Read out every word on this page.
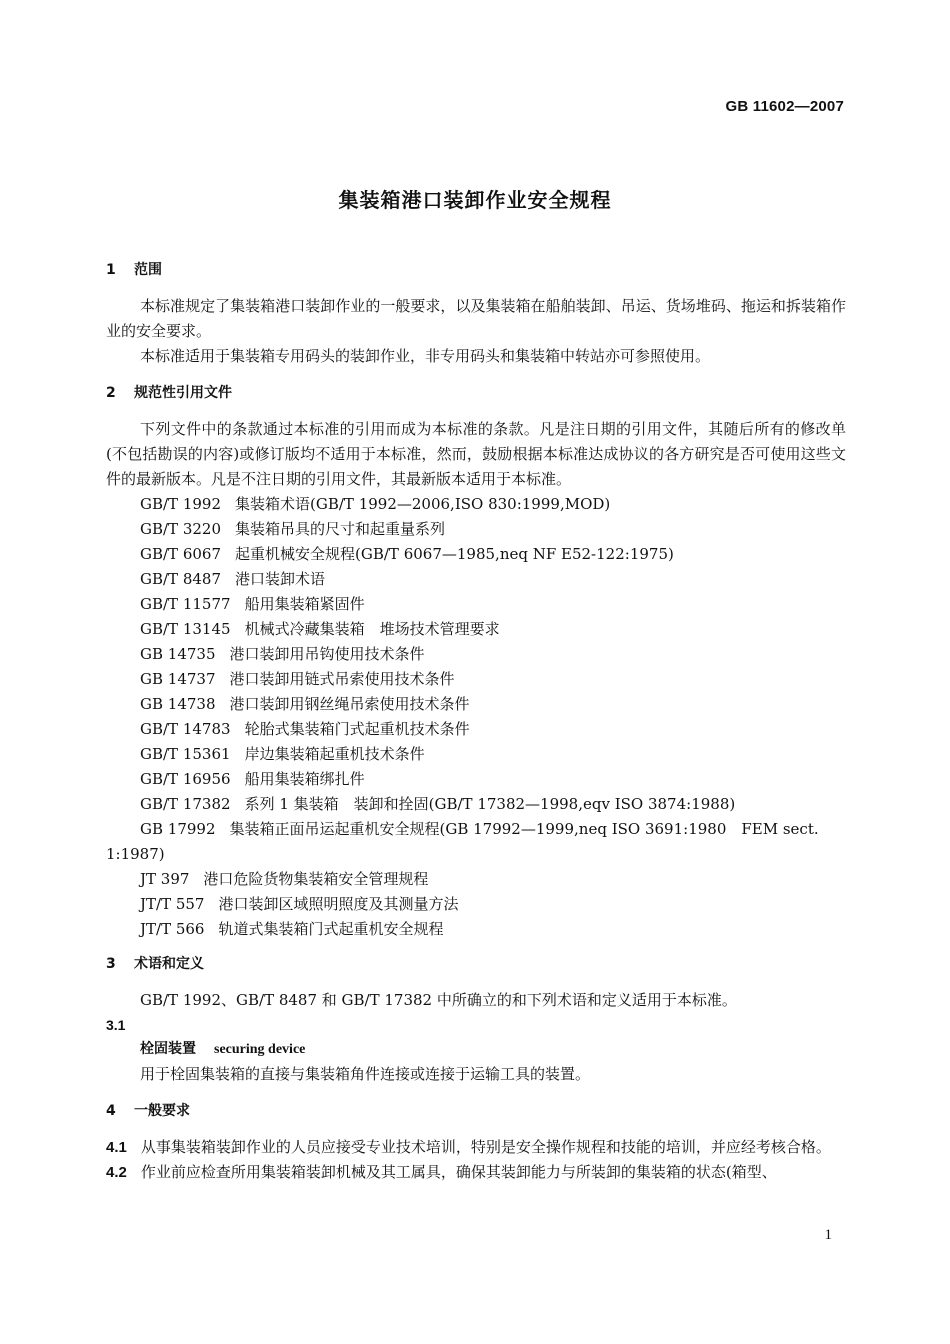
GB 11602—2007
集装箱港口装卸作业安全规程
1 范围
本标准规定了集装箱港口装卸作业的一般要求，以及集装箱在船舶装卸、吊运、货场堆码、拖运和拆装箱作业的安全要求。
本标准适用于集装箱专用码头的装卸作业，非专用码头和集装箱中转站亦可参照使用。
2 规范性引用文件
下列文件中的条款通过本标准的引用而成为本标准的条款。凡是注日期的引用文件，其随后所有的修改单(不包括勘误的内容)或修订版均不适用于本标准，然而，鼓励根据本标准达成协议的各方研究是否可使用这些文件的最新版本。凡是不注日期的引用文件，其最新版本适用于本标准。
GB/T 1992 集装箱术语(GB/T 1992—2006,ISO 830:1999,MOD)
GB/T 3220 集装箱吊具的尺寸和起重量系列
GB/T 6067 起重机械安全规程(GB/T 6067—1985,neq NF E52-122:1975)
GB/T 8487 港口装卸术语
GB/T 11577 船用集装箱紧固件
GB/T 13145 机械式冷藏集装箱　堆场技术管理要求
GB 14735 港口装卸用吊钩使用技术条件
GB 14737 港口装卸用链式吊索使用技术条件
GB 14738 港口装卸用钢丝绳吊索使用技术条件
GB/T 14783 轮胎式集装箱门式起重机技术条件
GB/T 15361 岸边集装箱起重机技术条件
GB/T 16956 船用集装箱绑扎件
GB/T 17382 系列 1 集装箱　装卸和拴固(GB/T 17382—1998,eqv ISO 3874:1988)
GB 17992 集装箱正面吊运起重机安全规程(GB 17992—1999,neq ISO 3691:1980　FEM sect. 1:1987)
JT 397 港口危险货物集装箱安全管理规程
JT/T 557 港口装卸区域照明照度及其测量方法
JT/T 566 轨道式集装箱门式起重机安全规程
3 术语和定义
GB/T 1992、GB/T 8487 和 GB/T 17382 中所确立的和下列术语和定义适用于本标准。
3.1
栓固装置 securing device
用于栓固集装箱的直接与集装箱角件连接或连接于运输工具的装置。
4 一般要求
4.1 从事集装箱装卸作业的人员应接受专业技术培训，特别是安全操作规程和技能的培训，并应经考核合格。
4.2 作业前应检查所用集装箱装卸机械及其工属具，确保其装卸能力与所装卸的集装箱的状态(箱型、
1
